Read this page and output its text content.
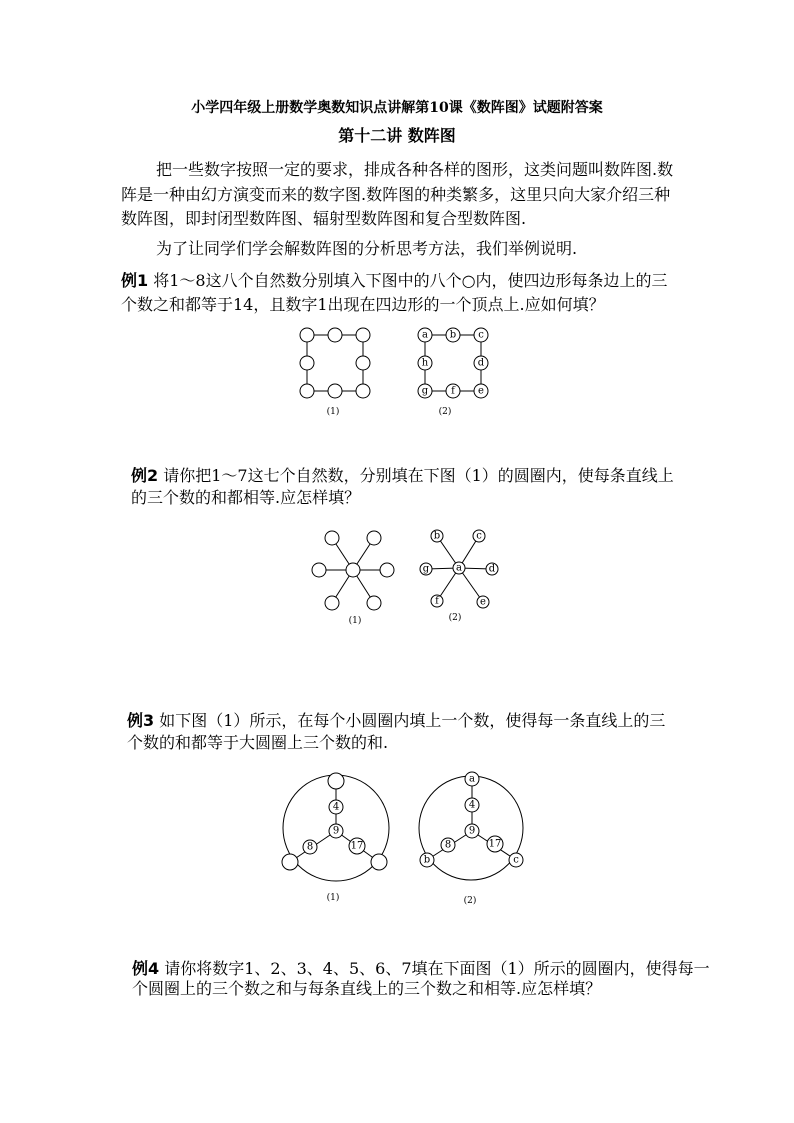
小学四年级上册数学奥数知识点讲解第10课《数阵图》试题附答案
第十二讲 数阵图
把一些数字按照一定的要求，排成各种各样的图形，这类问题叫数阵图.数
阵是一种由幻方演变而来的数字图.数阵图的种类繁多，这里只向大家介绍三种
数阵图，即封闭型数阵图、辐射型数阵图和复合型数阵图.
为了让同学们学会解数阵图的分析思考方法，我们举例说明.
例1 将1～8这八个自然数分别填入下图中的八个○内，使四边形每条边上的三
个数之和都等于14，且数字1出现在四边形的一个顶点上.应如何填？
(1)
a b c
h	d
g f e
(2)
例2 请你把1～7这七个自然数，分别填在下图（1）的圆圈内，使每条直线上
的三个数的和都相等.应怎样填？
(1)
a
b	c
g	d
f	e
(2)
例3 如下图（1）所示，在每个小圆圈内填上一个数，使得每一条直线上的三
个数的和都等于大圆圈上三个数的和.
4
9
8	17
(1)
a
b	c
4
9
8	17
(2)
例4 请你将数字1、2、3、4、5、6、7填在下面图（1）所示的圆圈内，使得每一
个圆圈上的三个数之和与每条直线上的三个数之和相等.应怎样填？
